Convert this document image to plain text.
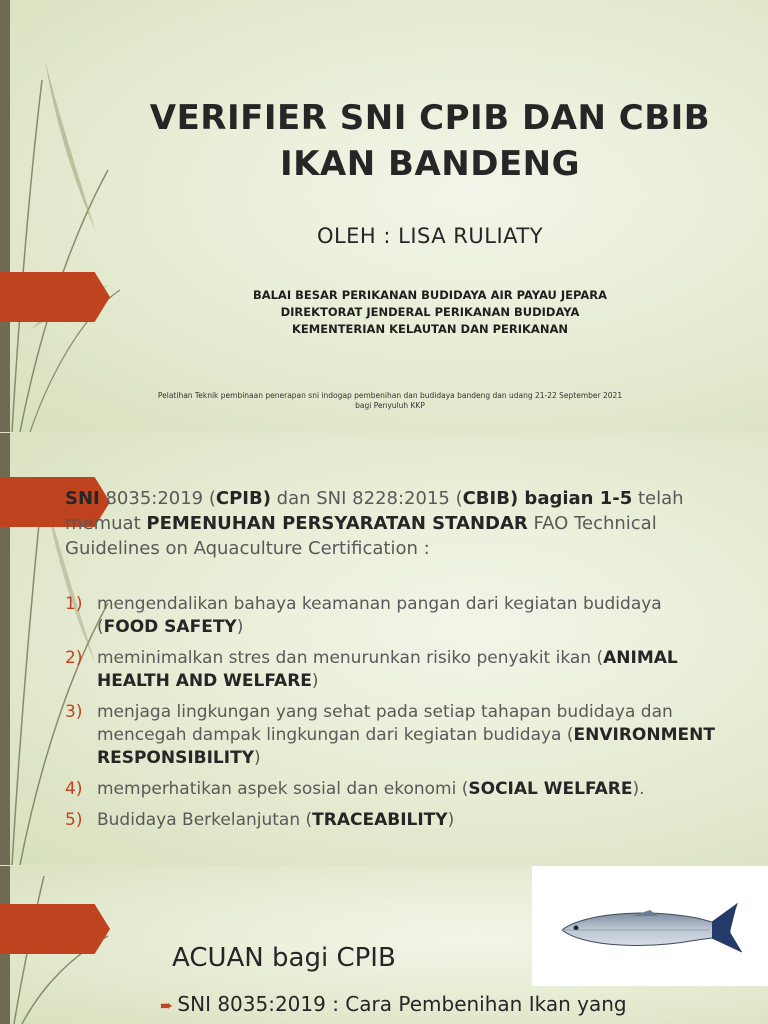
VERIFIER SNI CPIB DAN CBIB
IKAN BANDENG
OLEH : LISA RULIATY
BALAI BESAR PERIKANAN BUDIDAYA AIR PAYAU JEPARA
DIREKTORAT JENDERAL PERIKANAN BUDIDAYA
KEMENTERIAN KELAUTAN DAN PERIKANAN
Pelatihan Teknik pembinaan penerapan sni indogap pembenihan dan budidaya bandeng dan udang 21-22 September 2021
bagi Penyuluh KKP
SNI 8035:2019 (CPIB) dan SNI 8228:2015 (CBIB) bagian 1-5 telah memuat PEMENUHAN PERSYARATAN STANDAR FAO Technical Guidelines on Aquaculture Certification :
1) mengendalikan bahaya keamanan pangan dari kegiatan budidaya (FOOD SAFETY)
2) meminimalkan stres dan menurunkan risiko penyakit ikan (ANIMAL HEALTH AND WELFARE)
3) menjaga lingkungan yang sehat pada setiap tahapan budidaya dan mencegah dampak lingkungan dari kegiatan budidaya (ENVIRONMENT RESPONSIBILITY)
4) memperhatikan aspek sosial dan ekonomi (SOCIAL WELFARE).
5) Budidaya Berkelanjutan (TRACEABILITY)
ACUAN bagi CPIB
➨ SNI 8035:2019 : Cara Pembenihan Ikan yang
